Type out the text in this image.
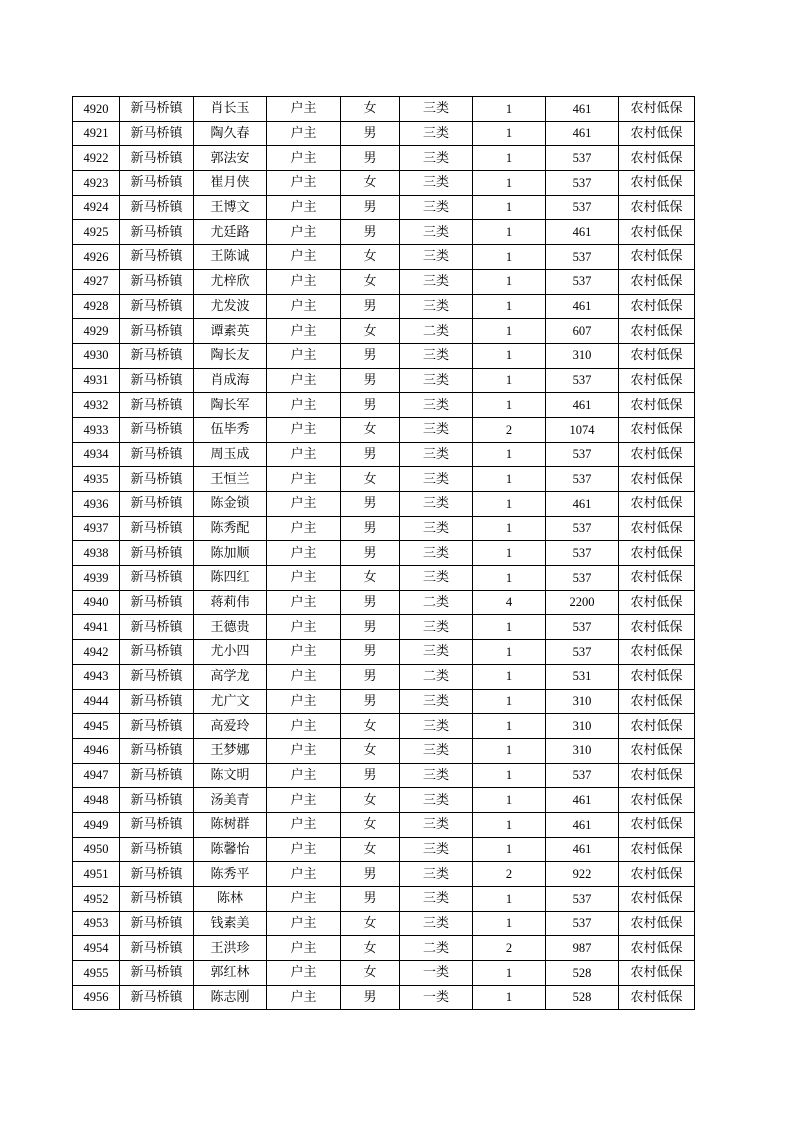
4920	新马桥镇	肖长玉	户主	女	三类	1	461	农村低保
4921	新马桥镇	陶久春	户主	男	三类	1	461	农村低保
4922	新马桥镇	郭法安	户主	男	三类	1	537	农村低保
4923	新马桥镇	崔月侠	户主	女	三类	1	537	农村低保
4924	新马桥镇	王博文	户主	男	三类	1	537	农村低保
4925	新马桥镇	尤廷路	户主	男	三类	1	461	农村低保
4926	新马桥镇	王陈诚	户主	女	三类	1	537	农村低保
4927	新马桥镇	尤梓欣	户主	女	三类	1	537	农村低保
4928	新马桥镇	尤发波	户主	男	三类	1	461	农村低保
4929	新马桥镇	谭素英	户主	女	二类	1	607	农村低保
4930	新马桥镇	陶长友	户主	男	三类	1	310	农村低保
4931	新马桥镇	肖成海	户主	男	三类	1	537	农村低保
4932	新马桥镇	陶长军	户主	男	三类	1	461	农村低保
4933	新马桥镇	伍毕秀	户主	女	三类	2	1074	农村低保
4934	新马桥镇	周玉成	户主	男	三类	1	537	农村低保
4935	新马桥镇	王恒兰	户主	女	三类	1	537	农村低保
4936	新马桥镇	陈金锁	户主	男	三类	1	461	农村低保
4937	新马桥镇	陈秀配	户主	男	三类	1	537	农村低保
4938	新马桥镇	陈加顺	户主	男	三类	1	537	农村低保
4939	新马桥镇	陈四红	户主	女	三类	1	537	农村低保
4940	新马桥镇	蒋莉伟	户主	男	二类	4	2200	农村低保
4941	新马桥镇	王德贵	户主	男	三类	1	537	农村低保
4942	新马桥镇	尤小四	户主	男	三类	1	537	农村低保
4943	新马桥镇	高学龙	户主	男	二类	1	531	农村低保
4944	新马桥镇	尤广文	户主	男	三类	1	310	农村低保
4945	新马桥镇	高爱玲	户主	女	三类	1	310	农村低保
4946	新马桥镇	王梦娜	户主	女	三类	1	310	农村低保
4947	新马桥镇	陈文明	户主	男	三类	1	537	农村低保
4948	新马桥镇	汤美青	户主	女	三类	1	461	农村低保
4949	新马桥镇	陈树群	户主	女	三类	1	461	农村低保
4950	新马桥镇	陈馨怡	户主	女	三类	1	461	农村低保
4951	新马桥镇	陈秀平	户主	男	三类	2	922	农村低保
4952	新马桥镇	陈林	户主	男	三类	1	537	农村低保
4953	新马桥镇	钱素美	户主	女	三类	1	537	农村低保
4954	新马桥镇	王洪珍	户主	女	二类	2	987	农村低保
4955	新马桥镇	郭红林	户主	女	一类	1	528	农村低保
4956	新马桥镇	陈志刚	户主	男	一类	1	528	农村低保
